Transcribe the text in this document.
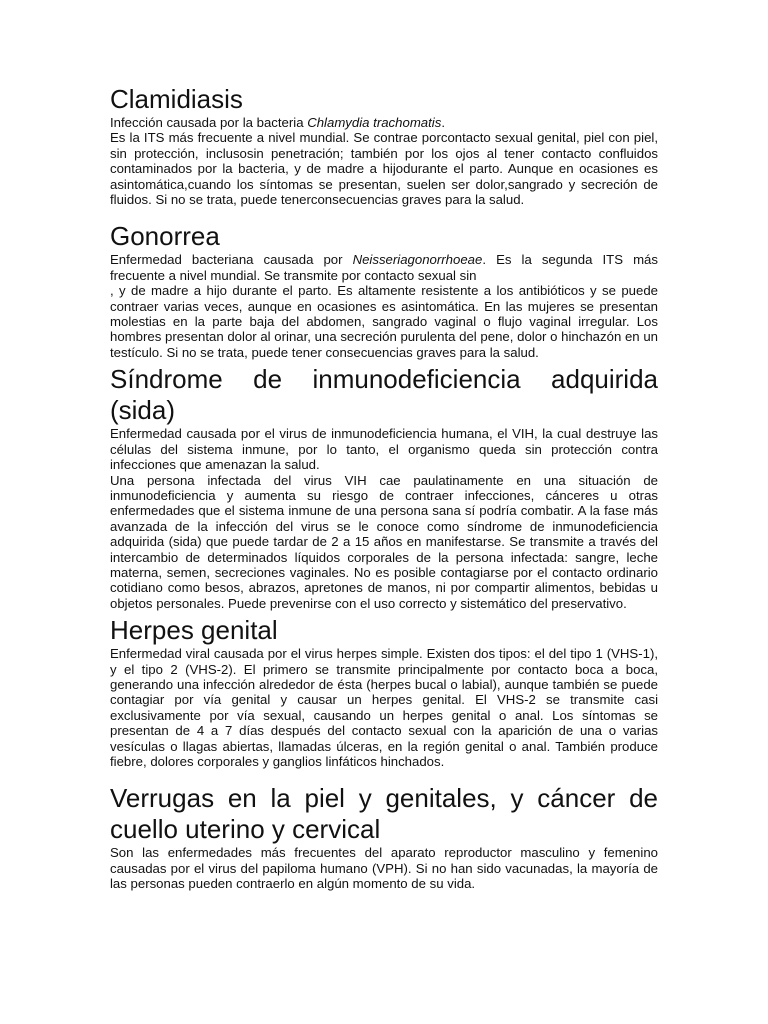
Clamidiasis

Infección causada por la bacteria Chlamydia trachomatis.

Es la ITS más frecuente a nivel mundial. Se contrae porcontacto sexual genital, piel con piel, sin protección, inclusosin penetración; también por los ojos al tener contacto confluidos contaminados por la bacteria, y de madre a hijodurante el parto. Aunque en ocasiones es asintomática,cuando los síntomas se presentan, suelen ser dolor,sangrado y secreción de fluidos. Si no se trata, puede tenerconsecuencias graves para la salud.

Gonorrea

Enfermedad bacteriana causada por Neisseriagonorrhoeae. Es la segunda ITS más frecuente a nivel mundial. Se transmite por contacto sexual sin

, y de madre a hijo durante el parto. Es altamente resistente a los antibióticos y se puede contraer varias veces, aunque en ocasiones es asintomática. En las mujeres se presentan molestias en la parte baja del abdomen, sangrado vaginal o flujo vaginal irregular. Los hombres presentan dolor al orinar, una secreción purulenta del pene, dolor o hinchazón en un testículo. Si no se trata, puede tener consecuencias graves para la salud.

Síndrome de inmunodeficiencia adquirida (sida)

Enfermedad causada por el virus de inmunodeficiencia humana, el VIH, la cual destruye las células del sistema inmune, por lo tanto, el organismo queda sin protección contra infecciones que amenazan la salud.

Una persona infectada del virus VIH cae paulatinamente en una situación de inmunodeficiencia y aumenta su riesgo de contraer infecciones, cánceres u otras enfermedades que el sistema inmune de una persona sana sí podría combatir. A la fase más avanzada de la infección del virus se le conoce como síndrome de inmunodeficiencia adquirida (sida) que puede tardar de 2 a 15 años en manifestarse. Se transmite a través del intercambio de determinados líquidos corporales de la persona infectada: sangre, leche materna, semen, secreciones vaginales. No es posible contagiarse por el contacto ordinario cotidiano como besos, abrazos, apretones de manos, ni por compartir alimentos, bebidas u objetos personales. Puede prevenirse con el uso correcto y sistemático del preservativo.

Herpes genital

Enfermedad viral causada por el virus herpes simple. Existen dos tipos: el del tipo 1 (VHS-1), y el tipo 2 (VHS-2). El primero se transmite principalmente por contacto boca a boca, generando una infección alrededor de ésta (herpes bucal o labial), aunque también se puede contagiar por vía genital y causar un herpes genital. El VHS-2 se transmite casi exclusivamente por vía sexual, causando un herpes genital o anal. Los síntomas se presentan de 4 a 7 días después del contacto sexual con la aparición de una o varias vesículas o llagas abiertas, llamadas úlceras, en la región genital o anal. También produce fiebre, dolores corporales y ganglios linfáticos hinchados.

Verrugas en la piel y genitales, y cáncer de cuello uterino y cervical

Son las enfermedades más frecuentes del aparato reproductor masculino y femenino causadas por el virus del papiloma humano (VPH). Si no han sido vacunadas, la mayoría de las personas pueden contraerlo en algún momento de su vida.
